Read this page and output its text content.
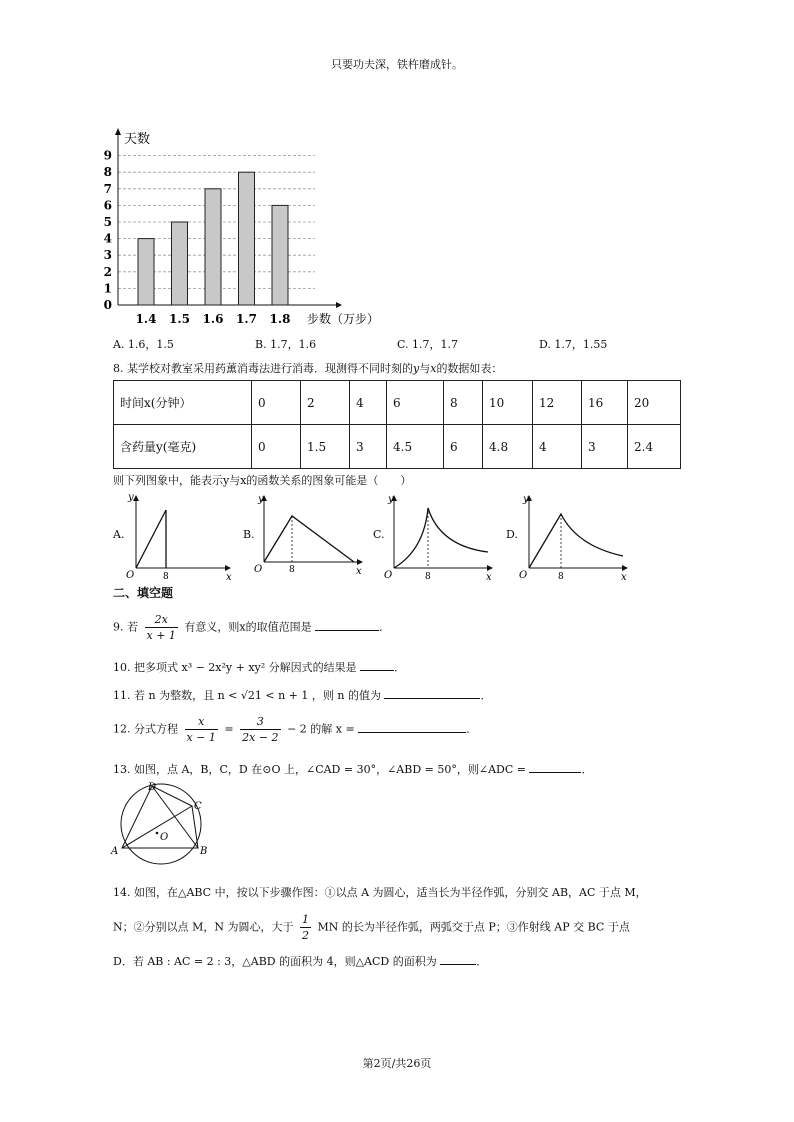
只要功夫深，铁杵磨成针。
0
1
2
3
4
5
6
7
8
9
1.4 1.5 1.6 1.7 1.8
天数
步数（万步）
A. 1.6，1.5	B. 1.7，1.6	C. 1.7，1.7	D. 1.7，1.55
8. 某学校对教室采用药薰消毒法进行消毒．现测得不同时刻的y与x的数据如表：
时间x(分钟）	0	2	4	6	8	10	12	16	20
含药量y(毫克)	0	1.5	3	4.5	6	4.8	4	3	2.4
则下列图象中，能表示y与x的函数关系的图象可能是（　　）
A.
y
x
O	8
B.
y
x
O	8
C.
y
x
O	8
D.
y
x
O	8
二、填空题
9. 若 $\frac{2x}{x + 1}$ 有意义，则x的取值范围是	．
10. 把多项式 x³ − 2x²y + xy² 分解因式的结果是	．
11. 若 n 为整数，且 n < √21 < n + 1 ，则 n 的值为	．
12. 分式方程 $\frac{x}{x - 1} = \frac{3}{2x - 2} - 2$ 的解 x =	．
13. 如图，点 A，B，C，D 在⊙O 上，∠CAD = 30°，∠ABD = 50°，则∠ADC =	．
A	B
C
D
O
14. 如图，在△ABC 中，按以下步骤作图：①以点 A 为圆心，适当长为半径作弧，分别交 AB，AC 于点 M，
N；②分别以点 M，N 为圆心，大于 $\frac{1}{2}$ MN 的长为半径作弧，两弧交于点 P；③作射线 AP 交 BC 于点
D．若 AB : AC = 2 : 3，△ABD 的面积为 4，则△ACD 的面积为	．
第2页/共26页
